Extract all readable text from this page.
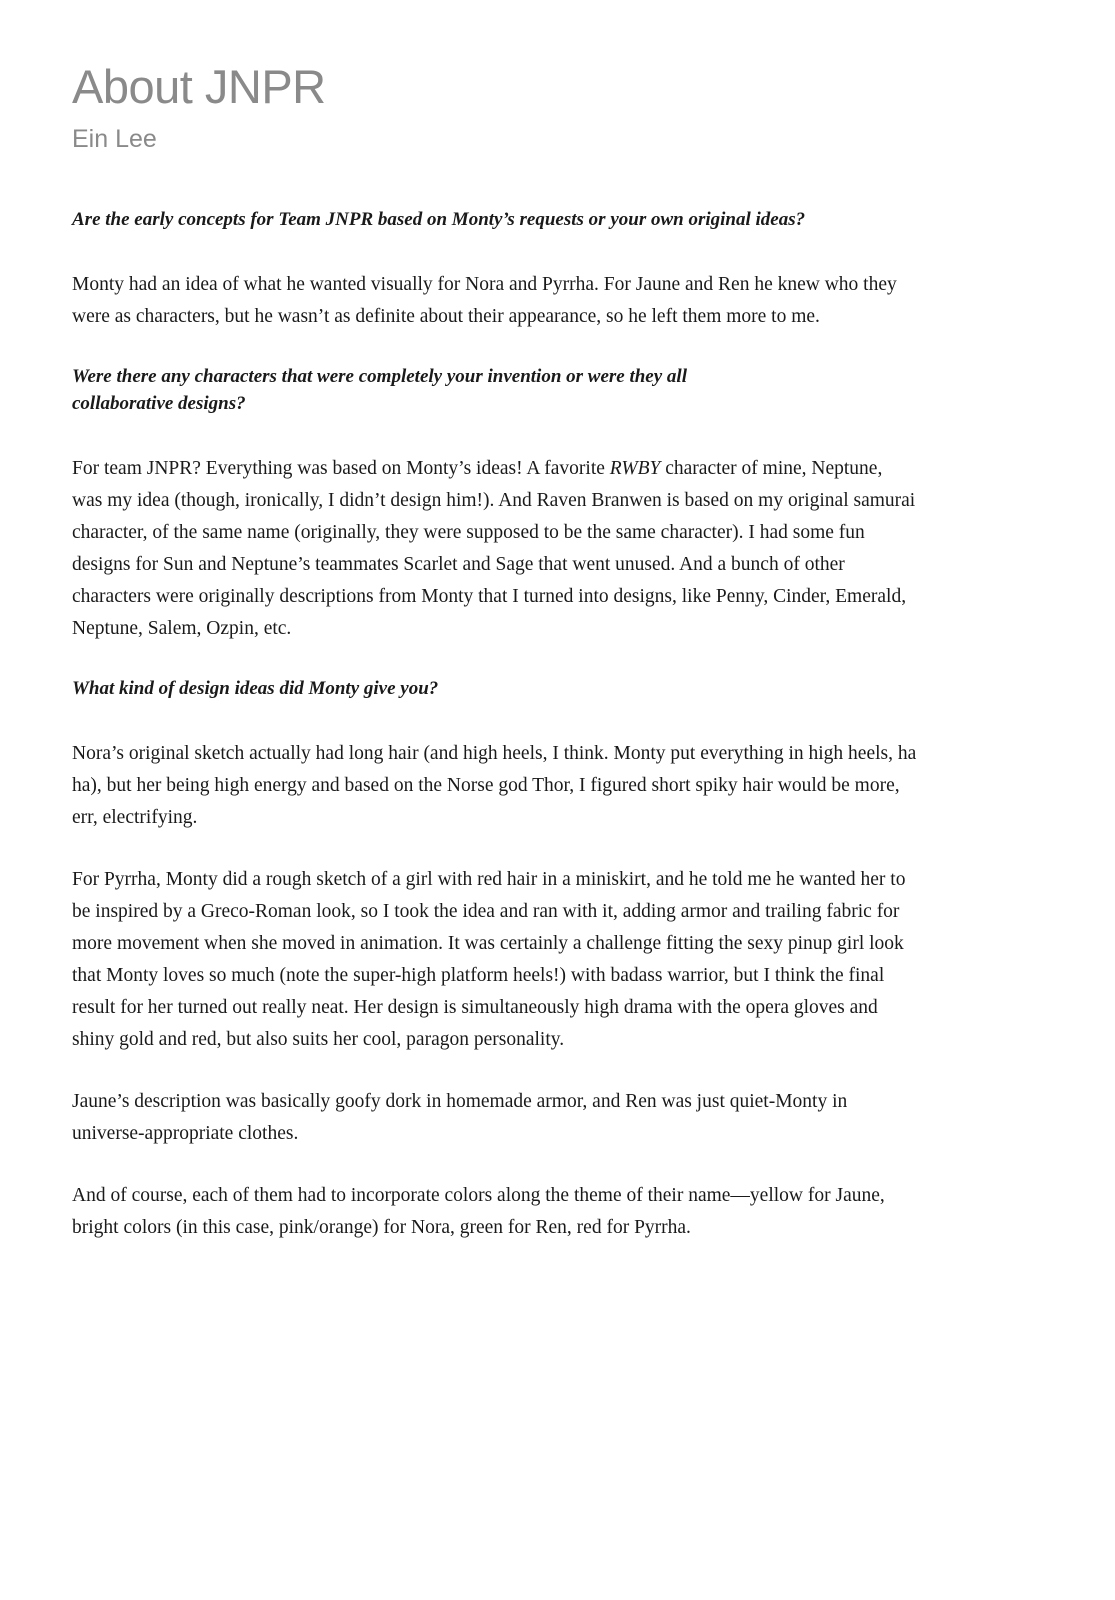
About JNPR
Ein Lee

Are the early concepts for Team JNPR based on Monty’s requests or your own original ideas?

Monty had an idea of what he wanted visually for Nora and Pyrrha. For Jaune and Ren he knew who they were as characters, but he wasn’t as definite about their appearance, so he left them more to me.

Were there any characters that were completely your invention or were they all collaborative designs?

For team JNPR? Everything was based on Monty’s ideas! A favorite RWBY character of mine, Neptune, was my idea (though, ironically, I didn’t design him!). And Raven Branwen is based on my original samurai character, of the same name (originally, they were supposed to be the same character). I had some fun designs for Sun and Neptune’s teammates Scarlet and Sage that went unused. And a bunch of other characters were originally descriptions from Monty that I turned into designs, like Penny, Cinder, Emerald, Neptune, Salem, Ozpin, etc.

What kind of design ideas did Monty give you?

Nora’s original sketch actually had long hair (and high heels, I think. Monty put everything in high heels, ha ha), but her being high energy and based on the Norse god Thor, I figured short spiky hair would be more, err, electrifying.

For Pyrrha, Monty did a rough sketch of a girl with red hair in a miniskirt, and he told me he wanted her to be inspired by a Greco-Roman look, so I took the idea and ran with it, adding armor and trailing fabric for more movement when she moved in animation. It was certainly a challenge fitting the sexy pinup girl look that Monty loves so much (note the super-high platform heels!) with badass warrior, but I think the final result for her turned out really neat. Her design is simultaneously high drama with the opera gloves and shiny gold and red, but also suits her cool, paragon personality.

Jaune’s description was basically goofy dork in homemade armor, and Ren was just quiet-Monty in universe-appropriate clothes.

And of course, each of them had to incorporate colors along the theme of their name—yellow for Jaune, bright colors (in this case, pink/orange) for Nora, green for Ren, red for Pyrrha.
